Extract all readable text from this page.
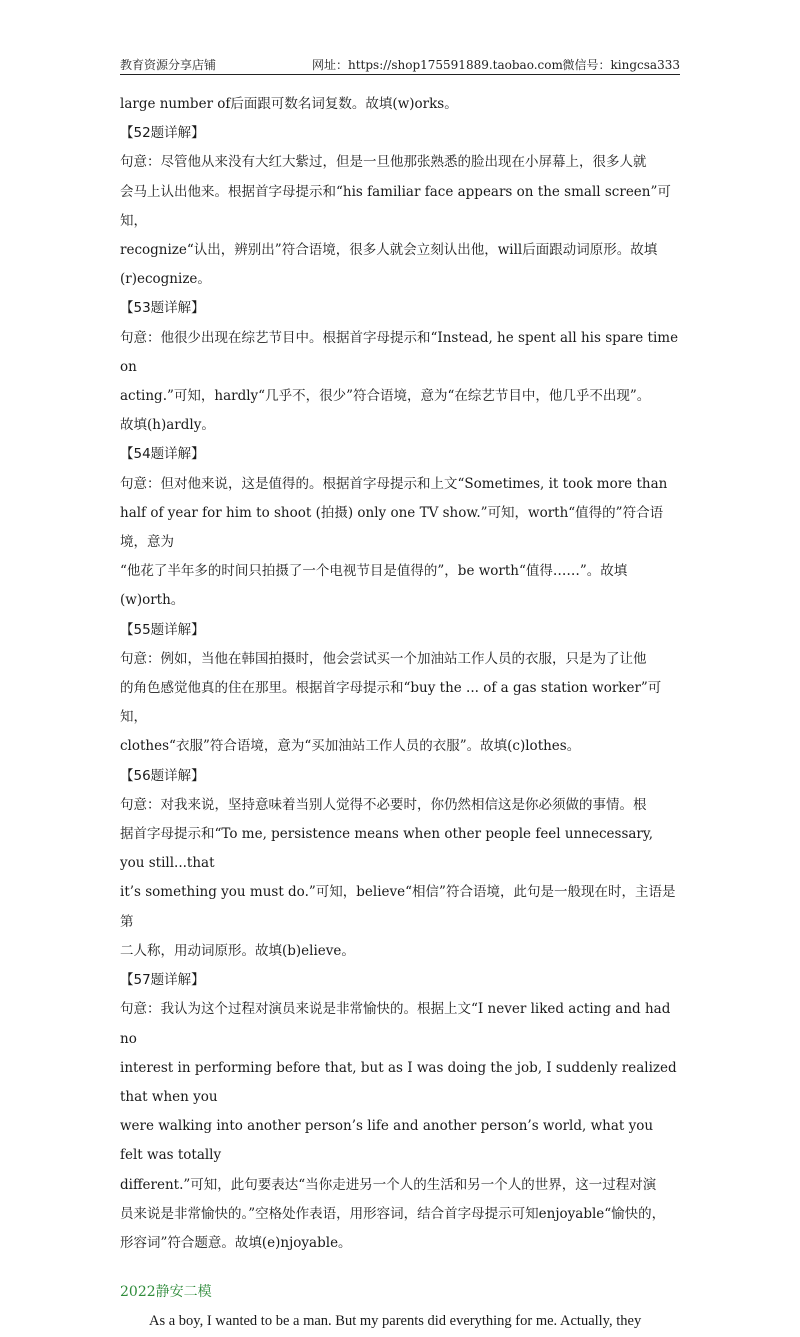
教育资源分享店铺	网址：https://shop175591889.taobao.com 微信号：kingcsa333

large number of后面跟可数名词复数。故填(w)orks。

【52题详解】

句意：尽管他从来没有大红大紫过，但是一旦他那张熟悉的脸出现在小屏幕上，很多人就

会马上认出他来。根据首字母提示和“his familiar face appears on the small screen”可知，

recognize“认出，辨别出”符合语境，很多人就会立刻认出他，will后面跟动词原形。故填

(r)ecognize。

【53题详解】

句意：他很少出现在综艺节目中。根据首字母提示和“Instead, he spent all his spare time on

acting.”可知，hardly“几乎不，很少”符合语境，意为“在综艺节目中，他几乎不出现”。

故填(h)ardly。

【54题详解】

句意：但对他来说，这是值得的。根据首字母提示和上文“Sometimes, it took more than

half of year for him to shoot (拍摄) only one TV show.”可知，worth“值得的”符合语境，意为

“他花了半年多的时间只拍摄了一个电视节目是值得的”，be worth“值得……”。故填

(w)orth。

【55题详解】

句意：例如，当他在韩国拍摄时，他会尝试买一个加油站工作人员的衣服，只是为了让他

的角色感觉他真的住在那里。根据首字母提示和“buy the ... of a gas station worker”可知，

clothes“衣服”符合语境，意为“买加油站工作人员的衣服”。故填(c)lothes。

【56题详解】

句意：对我来说，坚持意味着当别人觉得不必要时，你仍然相信这是你必须做的事情。根

据首字母提示和“To me, persistence means when other people feel unnecessary, you still...that

it’s something you must do.”可知，believe“相信”符合语境，此句是一般现在时，主语是第

二人称，用动词原形。故填(b)elieve。

【57题详解】

句意：我认为这个过程对演员来说是非常愉快的。根据上文“I never liked acting and had no

interest in performing before that, but as I was doing the job, I suddenly realized that when you

were walking into another person’s life and another person’s world, what you felt was totally

different.”可知，此句要表达“当你走进另一个人的生活和另一个人的世界，这一过程对演

员来说是非常愉快的。”空格处作表语，用形容词，结合首字母提示可知enjoyable“愉快的，

形容词”符合题意。故填(e)njoyable。

2022静安二模

As a boy, I wanted to be a man. But my parents did everything for me. Actually, they
